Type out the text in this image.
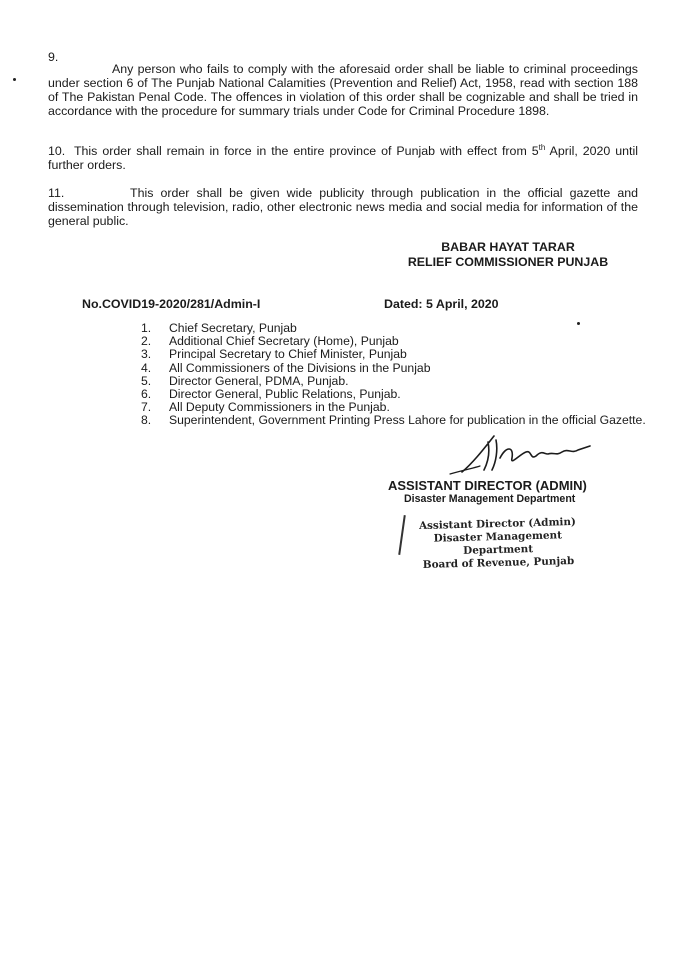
9.
Any person who fails to comply with the aforesaid order shall be liable to criminal proceedings under section 6 of The Punjab National Calamities (Prevention and Relief) Act, 1958, read with section 188 of The Pakistan Penal Code. The offences in violation of this order shall be cognizable and shall be tried in accordance with the procedure for summary trials under Code for Criminal Procedure 1898.
10. This order shall remain in force in the entire province of Punjab with effect from 5th April, 2020 until further orders.
11.	This order shall be given wide publicity through publication in the official gazette and dissemination through television, radio, other electronic news media and social media for information of the general public.
BABAR HAYAT TARAR
RELIEF COMMISSIONER PUNJAB
No.COVID19-2020/281/Admin-I	Dated: 5 April, 2020
1.	Chief Secretary, Punjab
2.	Additional Chief Secretary (Home), Punjab
3.	Principal Secretary to Chief Minister, Punjab
4.	All Commissioners of the Divisions in the Punjab
5.	Director General, PDMA, Punjab.
6.	Director General, Public Relations, Punjab.
7.	All Deputy Commissioners in the Punjab.
8.	Superintendent, Government Printing Press Lahore for publication in the official Gazette.
ASSISTANT DIRECTOR (ADMIN)
Disaster Management Department
Assistant Director (Admin)
Disaster Management Department
Board of Revenue, Punjab
